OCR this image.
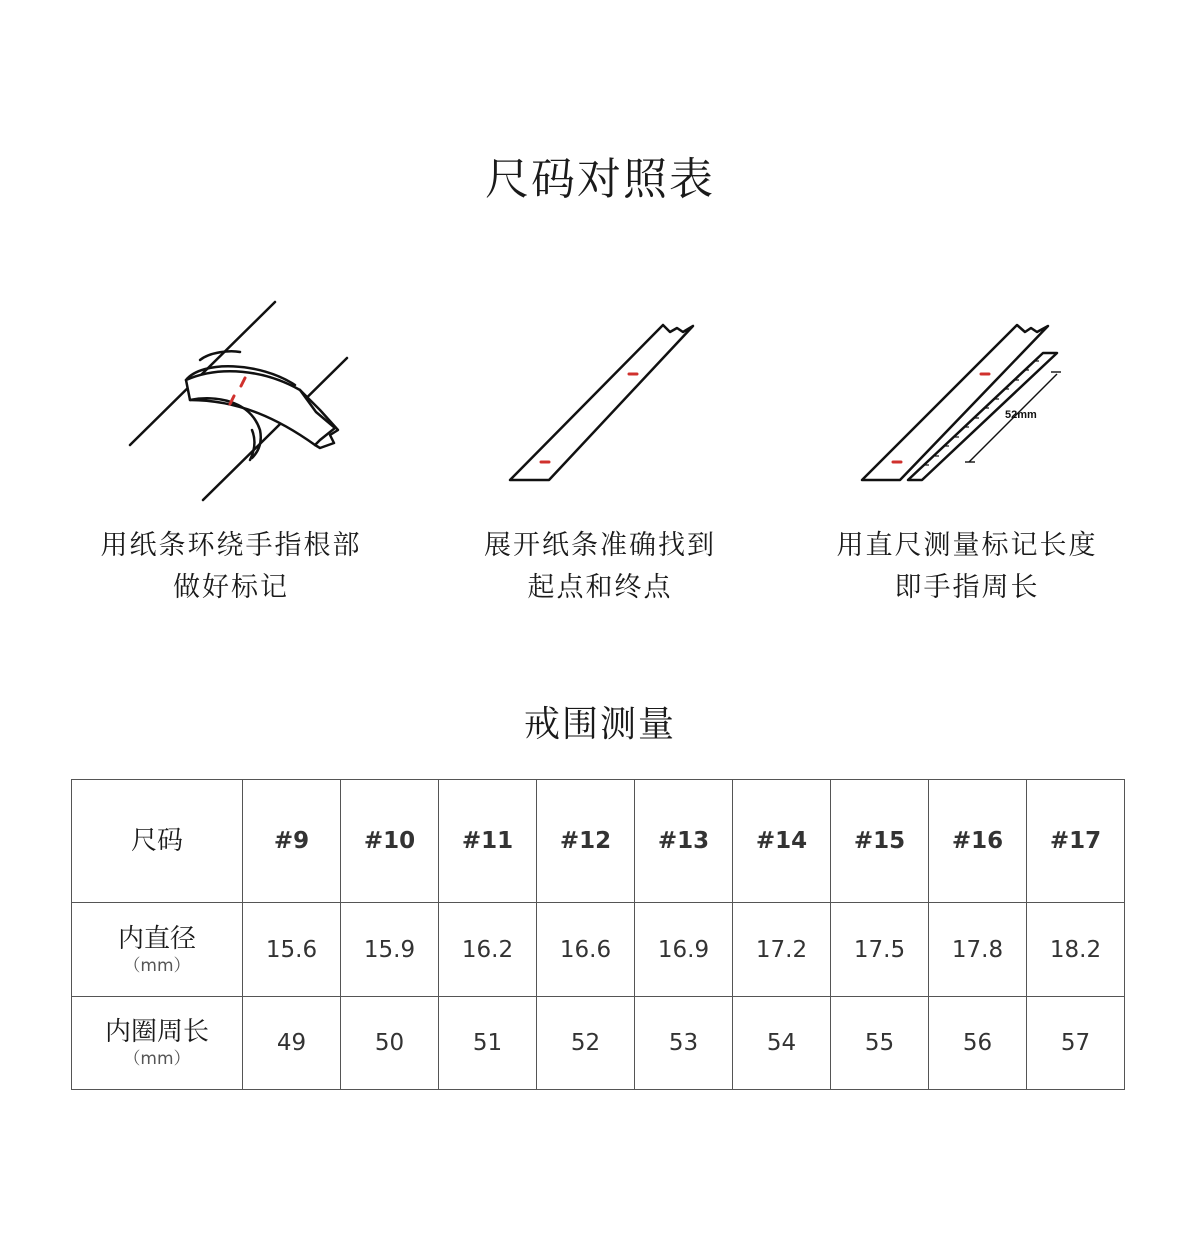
尺码对照表
52mm
用纸条环绕手指根部
做好标记
展开纸条准确找到
起点和终点
用直尺测量标记长度
即手指周长
戒围测量
尺码	#9	#10	#11	#12	#13	#14	#15	#16	#17

内直径
（mm）	15.6	15.9	16.2	16.6	16.9	17.2	17.5	17.8	18.2

内圈周长
（mm）	49	50	51	52	53	54	55	56	57
